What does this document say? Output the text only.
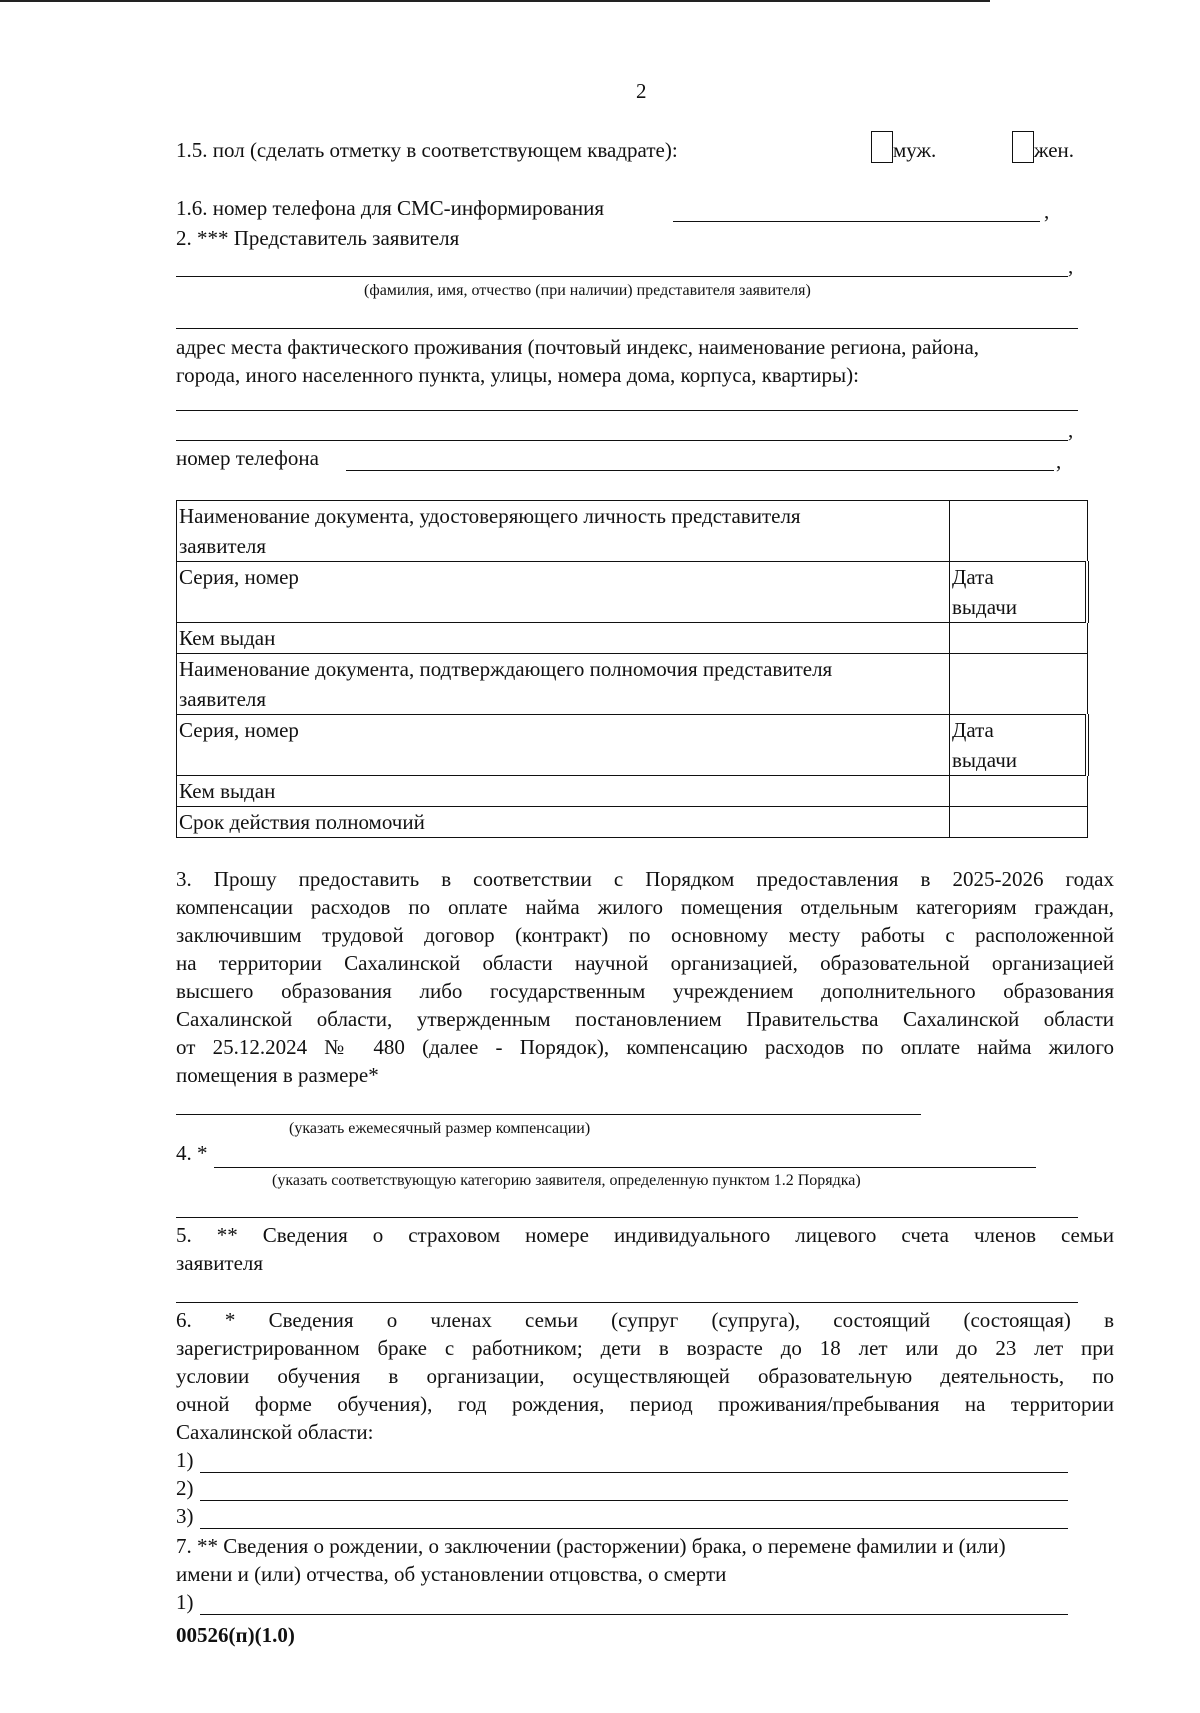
2
1.5. пол (сделать отметку в соответствующем квадрате):	муж.	жен.
1.6. номер телефона для СМС-информирования	,
2. *** Представитель заявителя
,
(фамилия, имя, отчество (при наличии) представителя заявителя)
адрес места фактического проживания (почтовый индекс, наименование региона, района,
города, иного населенного пункта, улицы, номера дома, корпуса, квартиры):
,
номер телефона	,
Наименование документа, удостоверяющего личность представителя
заявителя	
Серия, номер	Дата
выдачи
Кем выдан	
Наименование документа, подтверждающего полномочия представителя
заявителя	
Серия, номер	Дата
выдачи
Кем выдан	
Срок действия полномочий	
3. Прошу предоставить в соответствии с Порядком предоставления в 2025-2026 годах
компенсации расходов по оплате найма жилого помещения отдельным категориям граждан,
заключившим трудовой договор (контракт) по основному месту работы с расположенной
на территории Сахалинской области научной организацией, образовательной организацией
высшего образования либо государственным учреждением дополнительного образования
Сахалинской области, утвержденным постановлением Правительства Сахалинской области
от 25.12.2024 № 480 (далее - Порядок), компенсацию расходов по оплате найма жилого
помещения в размере*
(указать ежемесячный размер компенсации)
4. *
(указать соответствующую категорию заявителя, определенную пунктом 1.2 Порядка)
5. ** Сведения о страховом номере индивидуального лицевого счета членов семьи
заявителя
6. * Сведения о членах семьи (супруг (супруга), состоящий (состоящая) в
зарегистрированном браке с работником; дети в возрасте до 18 лет или до 23 лет при
условии обучения в организации, осуществляющей образовательную деятельность, по
очной форме обучения), год рождения, период проживания/пребывания на территории
Сахалинской области:
1)
2)
3)
7. ** Сведения о рождении, о заключении (расторжении) брака, о перемене фамилии и (или)
имени и (или) отчества, об установлении отцовства, о смерти
1)
00526(п)(1.0)
